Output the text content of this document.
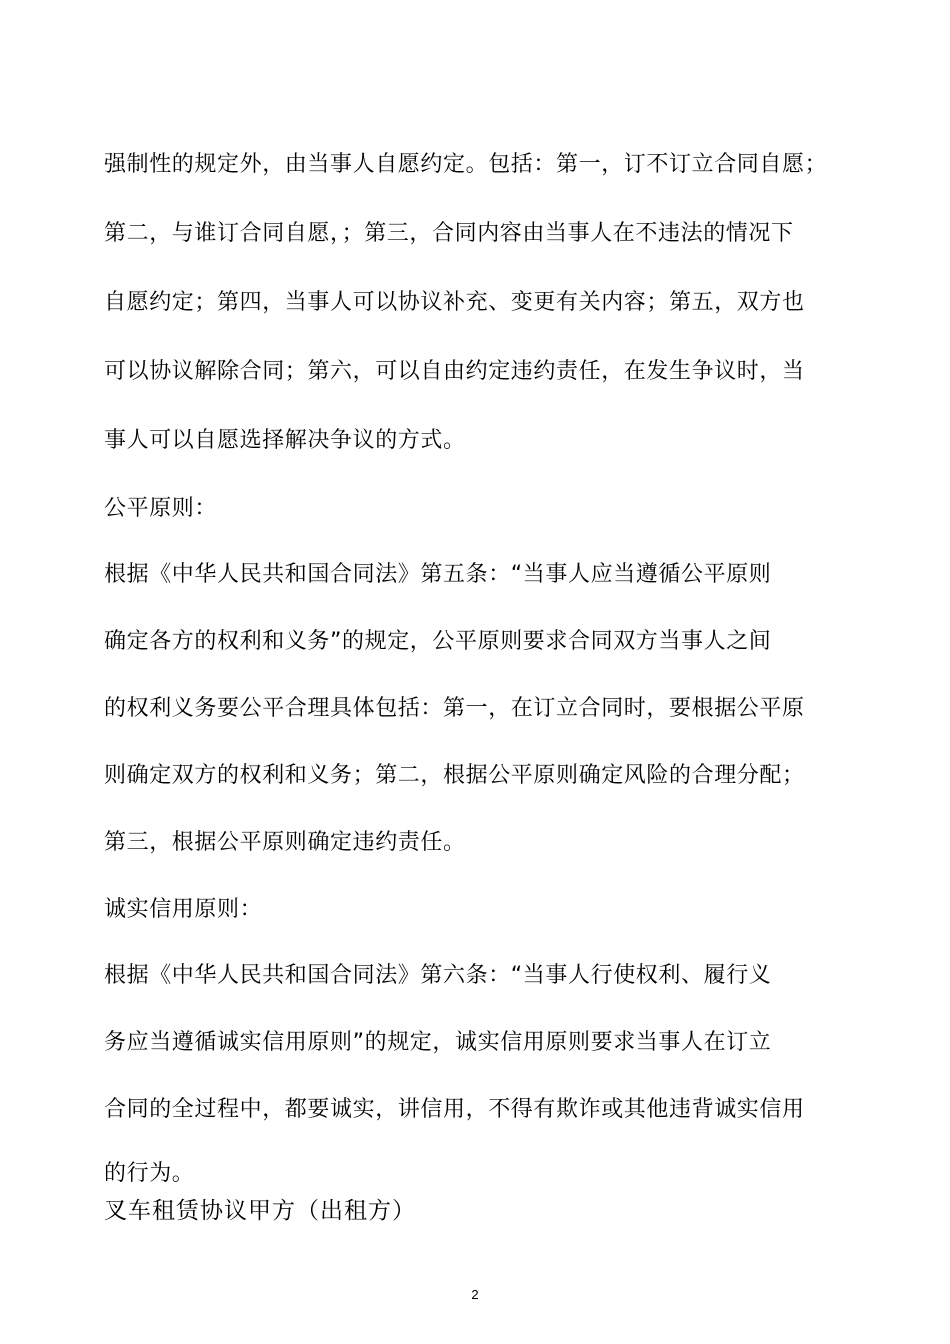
强制性的规定外，由当事人自愿约定。包括：第一，订不订立合同自愿；
第二，与谁订合同自愿，；第三，合同内容由当事人在不违法的情况下
自愿约定；第四，当事人可以协议补充、变更有关内容；第五，双方也
可以协议解除合同；第六，可以自由约定违约责任，在发生争议时，当
事人可以自愿选择解决争议的方式。
公平原则：
根据《中华人民共和国合同法》第五条：“当事人应当遵循公平原则
确定各方的权利和义务”的规定，公平原则要求合同双方当事人之间
的权利义务要公平合理具体包括：第一，在订立合同时，要根据公平原
则确定双方的权利和义务；第二，根据公平原则确定风险的合理分配；
第三，根据公平原则确定违约责任。
诚实信用原则：
根据《中华人民共和国合同法》第六条：“当事人行使权利、履行义
务应当遵循诚实信用原则”的规定，诚实信用原则要求当事人在订立
合同的全过程中，都要诚实，讲信用，不得有欺诈或其他违背诚实信用
的行为。
叉车租赁协议甲方（出租方）
2
